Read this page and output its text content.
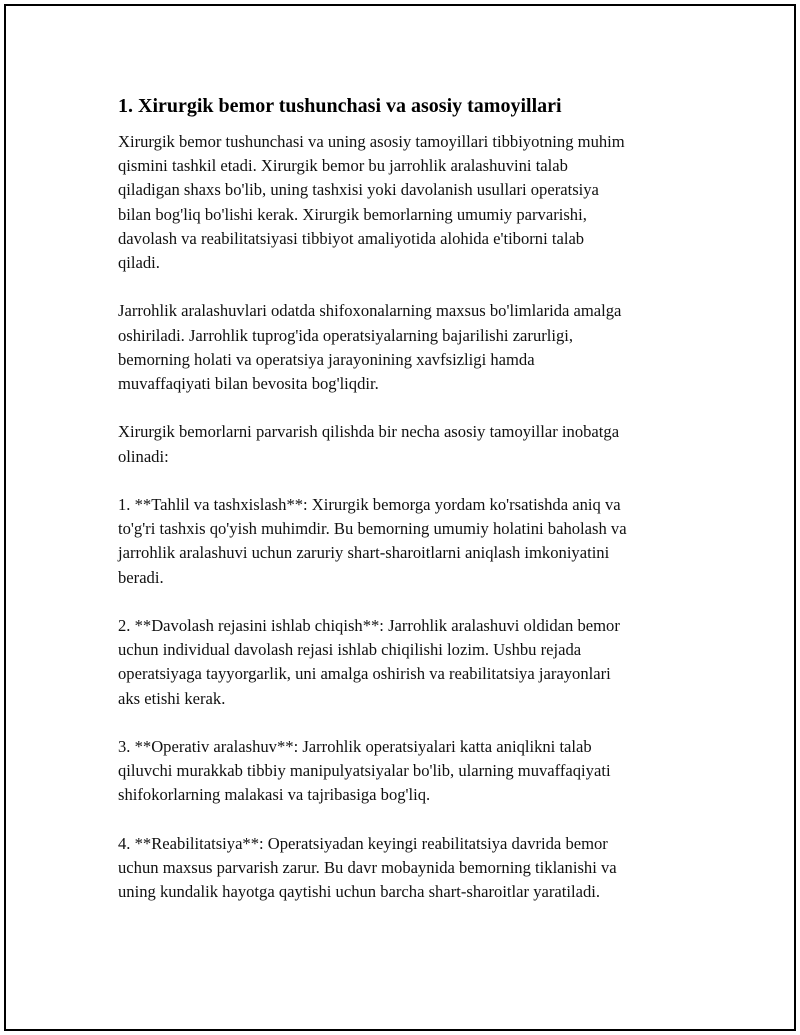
1. Xirurgik bemor tushunchasi va asosiy tamoyillari

Xirurgik bemor tushunchasi va uning asosiy tamoyillari tibbiyotning muhim
qismini tashkil etadi. Xirurgik bemor bu jarrohlik aralashuvini talab
qiladigan shaxs bo'lib, uning tashxisi yoki davolanish usullari operatsiya
bilan bog'liq bo'lishi kerak. Xirurgik bemorlarning umumiy parvarishi,
davolash va reabilitatsiyasi tibbiyot amaliyotida alohida e'tiborni talab
qiladi.

Jarrohlik aralashuvlari odatda shifoxonalarning maxsus bo'limlarida amalga
oshiriladi. Jarrohlik tuprog'ida operatsiyalarning bajarilishi zarurligi,
bemorning holati va operatsiya jarayonining xavfsizligi hamda
muvaffaqiyati bilan bevosita bog'liqdir.

Xirurgik bemorlarni parvarish qilishda bir necha asosiy tamoyillar inobatga
olinadi:

1. **Tahlil va tashxislash**: Xirurgik bemorga yordam ko'rsatishda aniq va
to'g'ri tashxis qo'yish muhimdir. Bu bemorning umumiy holatini baholash va
jarrohlik aralashuvi uchun zaruriy shart-sharoitlarni aniqlash imkoniyatini
beradi.

2. **Davolash rejasini ishlab chiqish**: Jarrohlik aralashuvi oldidan bemor
uchun individual davolash rejasi ishlab chiqilishi lozim. Ushbu rejada
operatsiyaga tayyorgarlik, uni amalga oshirish va reabilitatsiya jarayonlari
aks etishi kerak.

3. **Operativ aralashuv**: Jarrohlik operatsiyalari katta aniqlikni talab
qiluvchi murakkab tibbiy manipulyatsiyalar bo'lib, ularning muvaffaqiyati
shifokorlarning malakasi va tajribasiga bog'liq.

4. **Reabilitatsiya**: Operatsiyadan keyingi reabilitatsiya davrida bemor
uchun maxsus parvarish zarur. Bu davr mobaynida bemorning tiklanishi va
uning kundalik hayotga qaytishi uchun barcha shart-sharoitlar yaratiladi.
